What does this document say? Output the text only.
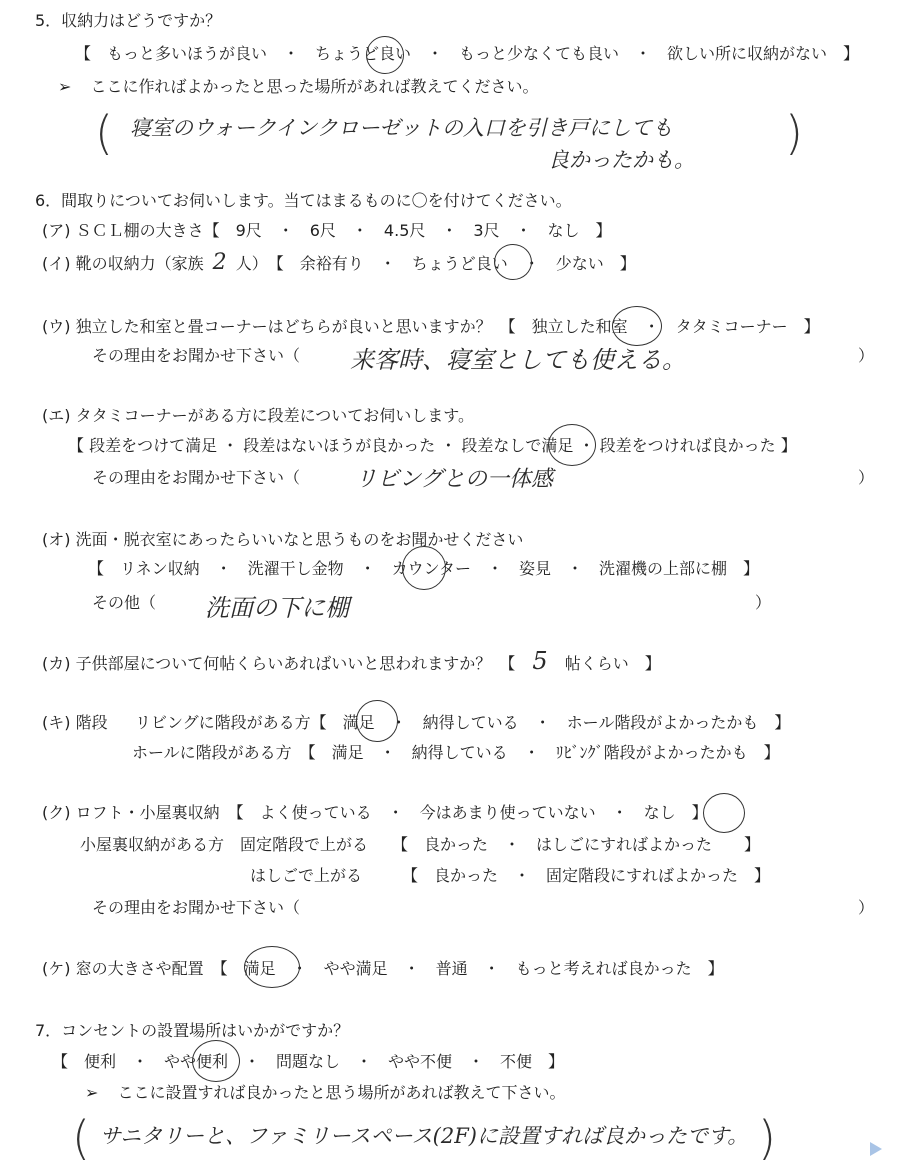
5．収納力はどうですか？
【　もっと多いほうが良い　・　ちょうど良い　・　もっと少なくても良い　・　欲しい所に収納がない　】
➢ ここに作ればよかったと思った場所があれば教えてください。
( 寝室のウォークインクローゼットの入口を引き戸にしても
良かったかも。 )
6．間取りについてお伺いします。当てはまるものに〇を付けてください。
(ア) ＳＣＬ棚の大きさ【　9尺　・　6尺　・　4.5尺　・　3尺　・　なし　】
(イ) 靴の収納力（家族 2 人）　【　余裕有り　・　ちょうど良い　・　少ない　】
(ウ) 独立した和室と畳コーナーはどちらが良いと思いますか？　【　独立した和室　・　タタミコーナー　】
その理由をお聞かせ下さい（ 来客時、寝室としても使える。	）
(エ) タタミコーナーがある方に段差についてお伺いします。
【 段差をつけて満足 ・ 段差はないほうが良かった ・ 段差なしで満足 ・ 段差をつければ良かった 】
その理由をお聞かせ下さい（ リビングとの一体感	）
(オ) 洗面・脱衣室にあったらいいなと思うものをお聞かせください
【　リネン収納　・　洗濯干し金物　・　カウンター　・　姿見　・　洗濯機の上部に棚　】
その他（ 洗面の下に棚	）
(カ) 子供部屋について何帖くらいあればいいと思われますか？　【 5 帖くらい　】
(キ) 階段 リビングに階段がある方【　満足　・　納得している　・　ホール階段がよかったかも　】
ホールに階段がある方　【　満足　・　納得している　・　ﾘﾋﾞﾝｸﾞ階段がよかったかも　】
(ク) ロフト・小屋裏収納　【　よく使っている　・　今はあまり使っていない　・　なし　】
小屋裏収納がある方　固定階段で上がる　　【　良かった　・　はしごにすればよかった　　】
はしごで上がる　　　【　良かった　・　固定階段にすればよかった　】
その理由をお聞かせ下さい（	）
(ケ) 窓の大きさや配置　【　満足　・　やや満足　・　普通　・　もっと考えれば良かった　】
7．コンセントの設置場所はいかがですか？
【　便利　・　やや便利　・　問題なし　・　やや不便　・　不便　】
➢ ここに設置すれば良かったと思う場所があれば教えて下さい。
( サニタリーと、ファミリースペース(2F)に設置すれば良かったです。 )
